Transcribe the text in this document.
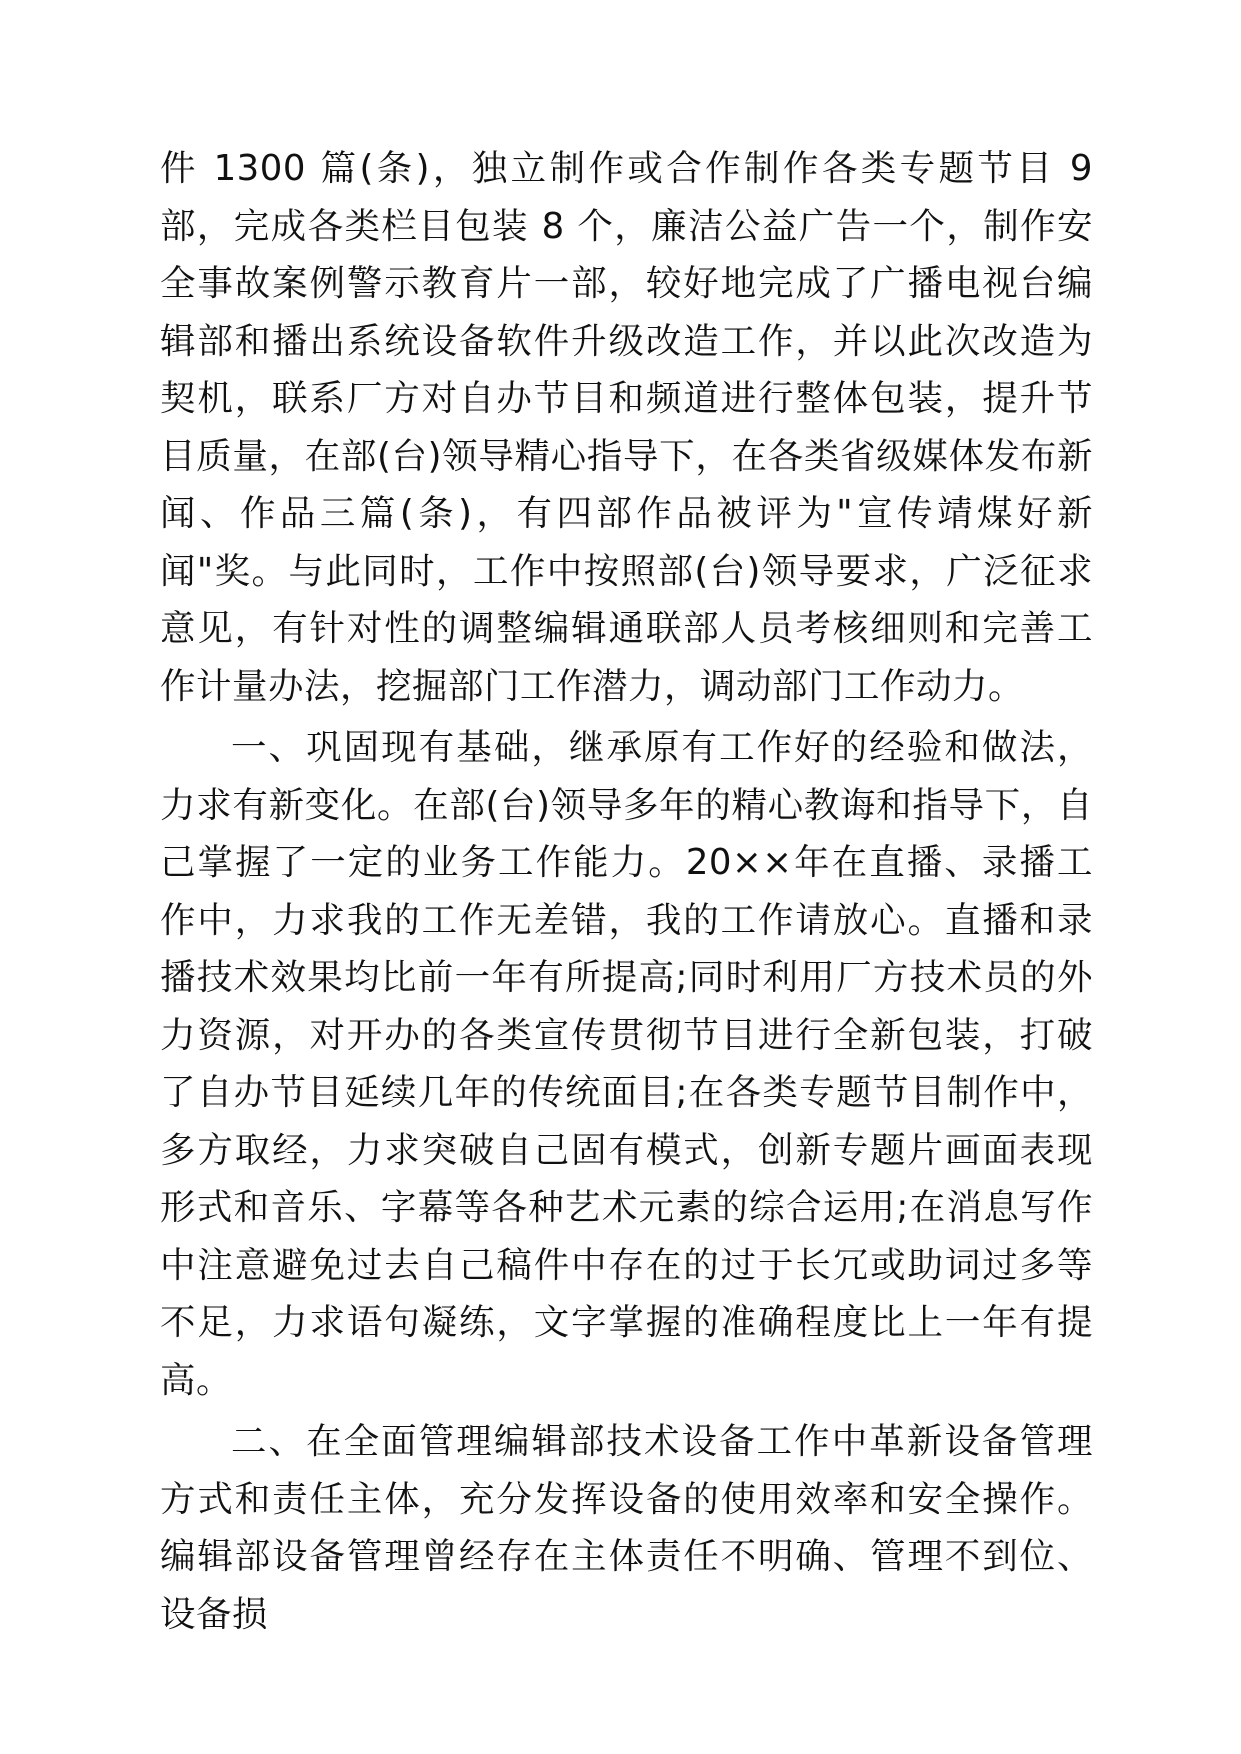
件 1300 篇(条)，独立制作或合作制作各类专题节目 9 部，完成各类栏目包装 8 个，廉洁公益广告一个，制作安全事故案例警示教育片一部，较好地完成了广播电视台编辑部和播出系统设备软件升级改造工作，并以此次改造为契机，联系厂方对自办节目和频道进行整体包装，提升节目质量，在部(台)领导精心指导下，在各类省级媒体发布新闻、作品三篇(条)，有四部作品被评为"宣传靖煤好新闻"奖。与此同时，工作中按照部(台)领导要求，广泛征求意见，有针对性的调整编辑通联部人员考核细则和完善工作计量办法，挖掘部门工作潜力，调动部门工作动力。

一、巩固现有基础，继承原有工作好的经验和做法，力求有新变化。在部(台)领导多年的精心教诲和指导下，自己掌握了一定的业务工作能力。20××年在直播、录播工作中，力求我的工作无差错，我的工作请放心。直播和录播技术效果均比前一年有所提高;同时利用厂方技术员的外力资源，对开办的各类宣传贯彻节目进行全新包装，打破了自办节目延续几年的传统面目;在各类专题节目制作中，多方取经，力求突破自己固有模式，创新专题片画面表现形式和音乐、字幕等各种艺术元素的综合运用;在消息写作中注意避免过去自己稿件中存在的过于长冗或助词过多等不足，力求语句凝练，文字掌握的准确程度比上一年有提高。

二、在全面管理编辑部技术设备工作中革新设备管理方式和责任主体，充分发挥设备的使用效率和安全操作。编辑部设备管理曾经存在主体责任不明确、管理不到位、设备损
